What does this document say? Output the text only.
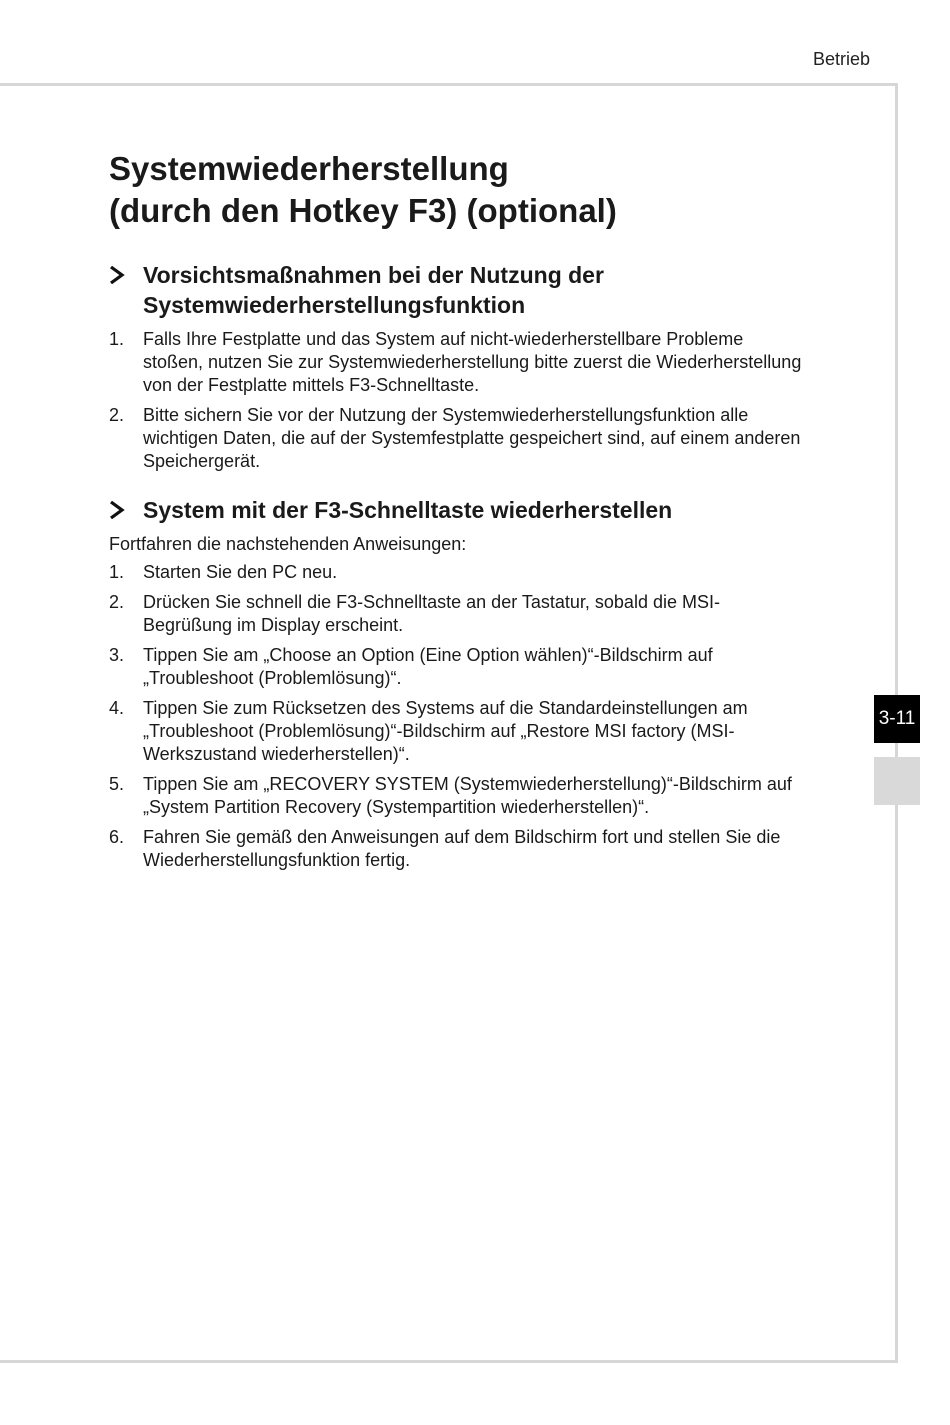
Betrieb
3-11
Systemwiederherstellung
(durch den Hotkey F3) (optional)
Vorsichtsmaßnahmen bei der Nutzung der
Systemwiederherstellungsfunktion
1.	Falls Ihre Festplatte und das System auf nicht-wiederherstellbare Probleme
stoßen, nutzen Sie zur Systemwiederherstellung bitte zuerst die Wiederherstellung
von der Festplatte mittels F3-Schnelltaste.
2.	Bitte sichern Sie vor der Nutzung der Systemwiederherstellungsfunktion alle
wichtigen Daten, die auf der Systemfestplatte gespeichert sind, auf einem anderen
Speichergerät.
System mit der F3-Schnelltaste wiederherstellen

Fortfahren die nachstehenden Anweisungen:

1.	Starten Sie den PC neu.
2.	Drücken Sie schnell die F3-Schnelltaste an der Tastatur, sobald die MSI-
Begrüßung im Display erscheint.
3.	Tippen Sie am „Choose an Option (Eine Option wählen)“-Bildschirm auf
„Troubleshoot (Problemlösung)“.
4.	Tippen Sie zum Rücksetzen des Systems auf die Standardeinstellungen am
„Troubleshoot (Problemlösung)“-Bildschirm auf „Restore MSI factory (MSI-
Werkszustand wiederherstellen)“.
5.	Tippen Sie am „RECOVERY SYSTEM (Systemwiederherstellung)“-Bildschirm auf
„System Partition Recovery (Systempartition wiederherstellen)“.
6.	Fahren Sie gemäß den Anweisungen auf dem Bildschirm fort und stellen Sie die
Wiederherstellungsfunktion fertig.
